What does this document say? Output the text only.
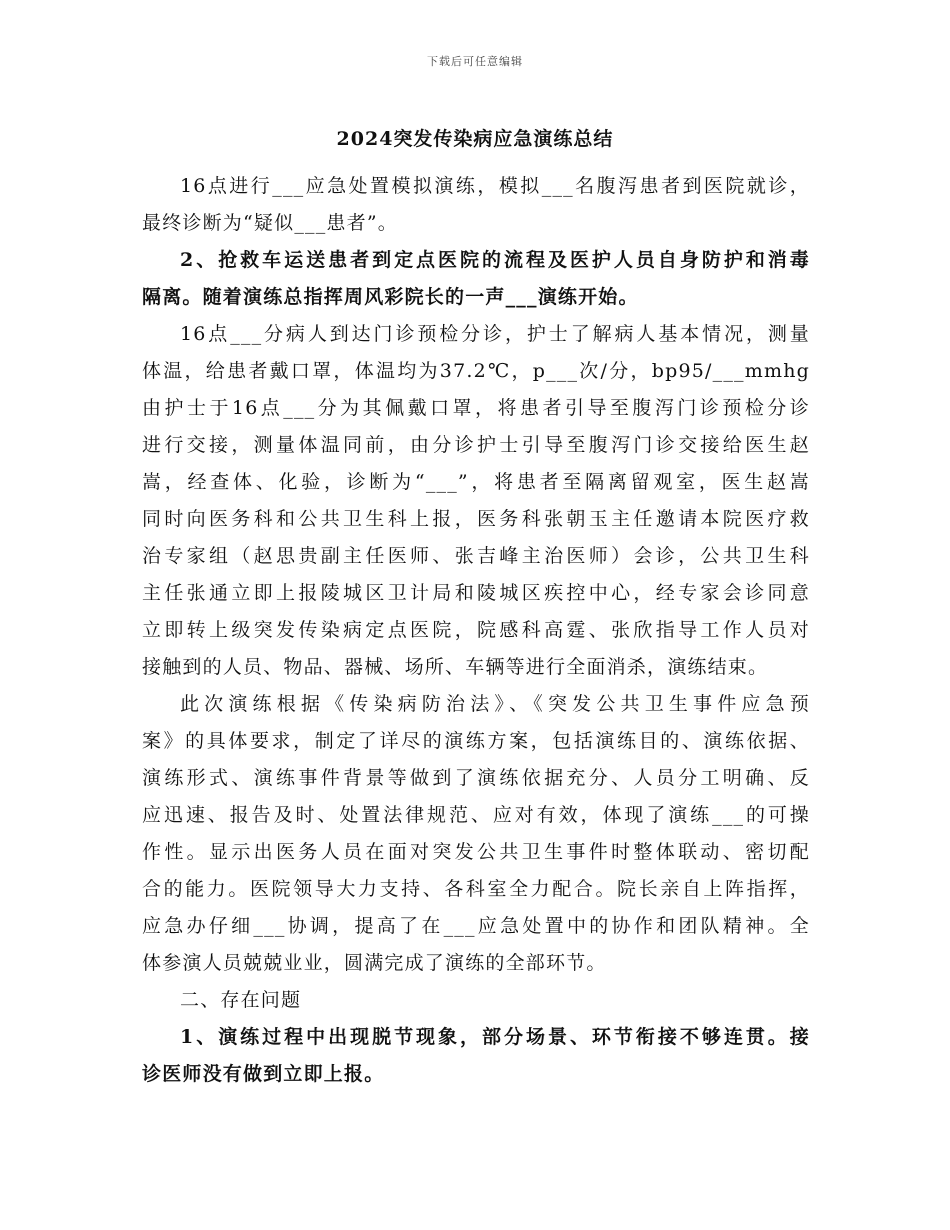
下载后可任意编辑
2024突发传染病应急演练总结

16点进行___应急处置模拟演练，模拟___名腹泻患者到医院就诊，
最终诊断为“疑似___患者”。

2、抢救车运送患者到定点医院的流程及医护人员自身防护和消毒
隔离。随着演练总指挥周风彩院长的一声___演练开始。

16点___分病人到达门诊预检分诊，护士了解病人基本情况，测量
体温，给患者戴口罩，体温均为37.2℃，p___次/分，bp95/___mmhg
由护士于16点___分为其佩戴口罩，将患者引导至腹泻门诊预检分诊
进行交接，测量体温同前，由分诊护士引导至腹泻门诊交接给医生赵
嵩，经查体、化验，诊断为“___”，将患者至隔离留观室，医生赵嵩
同时向医务科和公共卫生科上报，医务科张朝玉主任邀请本院医疗救
治专家组（赵思贵副主任医师、张吉峰主治医师）会诊，公共卫生科
主任张通立即上报陵城区卫计局和陵城区疾控中心，经专家会诊同意
立即转上级突发传染病定点医院，院感科高霆、张欣指导工作人员对
接触到的人员、物品、器械、场所、车辆等进行全面消杀，演练结束。

此次演练根据《传染病防治法》、《突发公共卫生事件应急预
案》的具体要求，制定了详尽的演练方案，包括演练目的、演练依据、
演练形式、演练事件背景等做到了演练依据充分、人员分工明确、反
应迅速、报告及时、处置法律规范、应对有效，体现了演练___的可操
作性。显示出医务人员在面对突发公共卫生事件时整体联动、密切配
合的能力。医院领导大力支持、各科室全力配合。院长亲自上阵指挥，
应急办仔细___协调，提高了在___应急处置中的协作和团队精神。全
体参演人员兢兢业业，圆满完成了演练的全部环节。

二、存在问题

1、演练过程中出现脱节现象，部分场景、环节衔接不够连贯。接
诊医师没有做到立即上报。
